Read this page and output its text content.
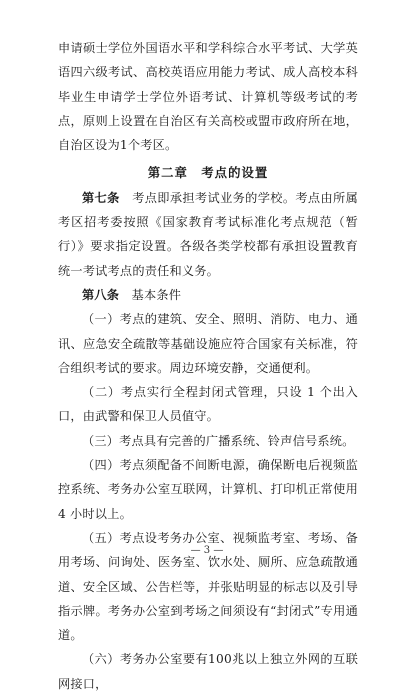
申请硕士学位外国语水平和学科综合水平考试、大学英语四六级考试、高校英语应用能力考试、成人高校本科毕业生申请学士学位外语考试、计算机等级考试的考点，原则上设置在自治区有关高校或盟市政府所在地，自治区设为1个考区。

第二章　考点的设置

第七条　考点即承担考试业务的学校。考点由所属考区招考委按照《国家教育考试标准化考点规范（暂行）》要求指定设置。各级各类学校都有承担设置教育统一考试考点的责任和义务。

第八条　基本条件

（一）考点的建筑、安全、照明、消防、电力、通讯、应急安全疏散等基础设施应符合国家有关标准，符合组织考试的要求。周边环境安静，交通便利。

（二）考点实行全程封闭式管理，只设 1 个出入口，由武警和保卫人员值守。

（三）考点具有完善的广播系统、铃声信号系统。

（四）考点须配备不间断电源，确保断电后视频监控系统、考务办公室互联网，计算机、打印机正常使用 4 小时以上。

（五）考点设考务办公室、视频监考室、考场、备用考场、问询处、医务室、饮水处、厕所、应急疏散通道、安全区域、公告栏等，并张贴明显的标志以及引导指示牌。考务办公室到考场之间须设有“封闭式”专用通道。

（六）考务办公室要有100兆以上独立外网的互联网接口，

— 3 —
